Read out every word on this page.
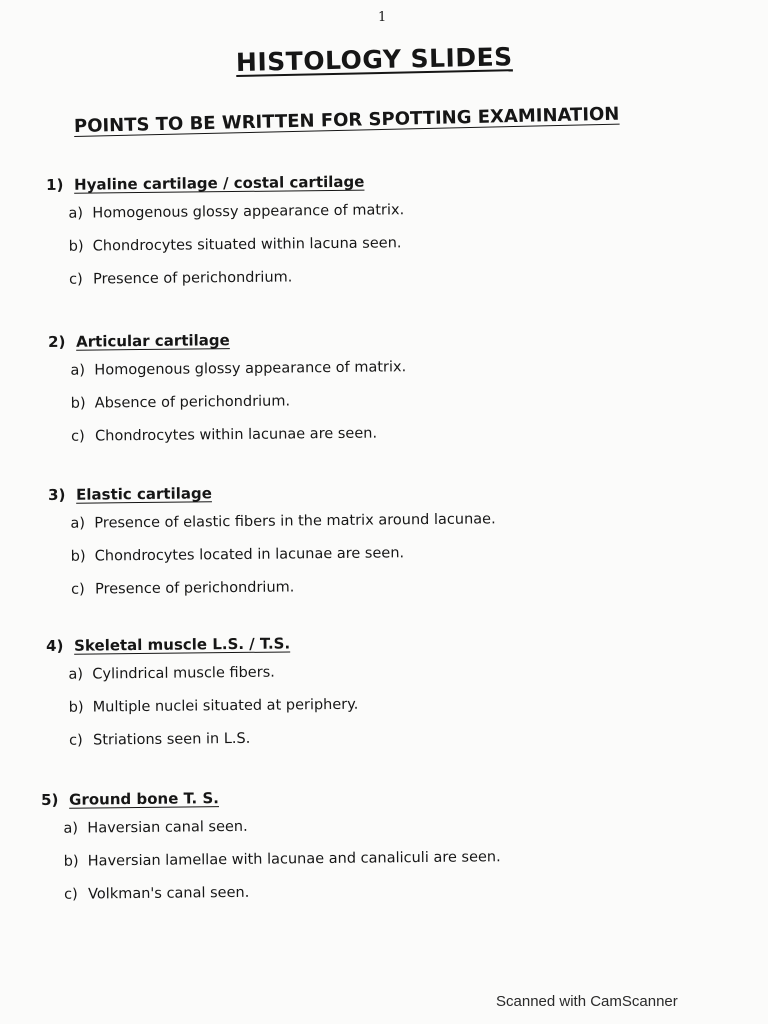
1
HISTOLOGY SLIDES
POINTS TO BE WRITTEN FOR SPOTTING EXAMINATION
1) Hyaline cartilage / costal cartilage
a) Homogenous glossy appearance of matrix.
b) Chondrocytes situated within lacuna seen.
c) Presence of perichondrium.
2) Articular cartilage
a) Homogenous glossy appearance of matrix.
b) Absence of perichondrium.
c) Chondrocytes within lacunae are seen.
3) Elastic cartilage
a) Presence of elastic fibers in the matrix around lacunae.
b) Chondrocytes located in lacunae are seen.
c) Presence of perichondrium.
4) Skeletal muscle L.S. / T.S.
a) Cylindrical muscle fibers.
b) Multiple nuclei situated at periphery.
c) Striations seen in L.S.
5) Ground bone T. S.
a) Haversian canal seen.
b) Haversian lamellae with lacunae and canaliculi are seen.
c) Volkman's canal seen.
Scanned with CamScanner
